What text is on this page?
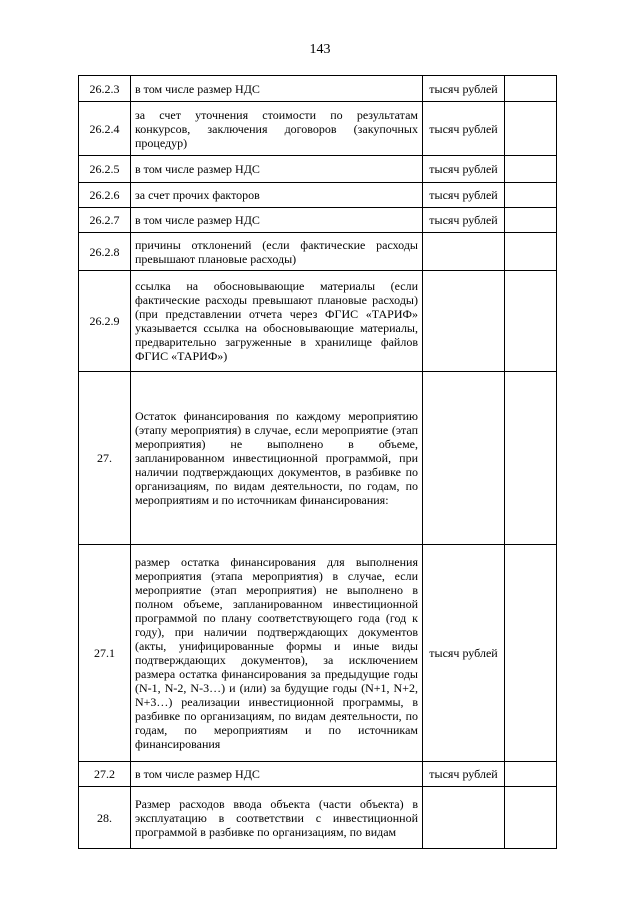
143
26.2.3	в том числе размер НДС	тысяч рублей	
26.2.4	за счет уточнения стоимости по результатам конкурсов, заключения договоров (закупочных процедур)	тысяч рублей	
26.2.5	в том числе размер НДС	тысяч рублей	
26.2.6	за счет прочих факторов	тысяч рублей	
26.2.7	в том числе размер НДС	тысяч рублей	
26.2.8	причины отклонений (если фактические расходы превышают плановые расходы)		
26.2.9	ссылка на обосновывающие материалы (если фактические расходы превышают плановые расходы) (при представлении отчета через ФГИС «ТАРИФ» указывается ссылка на обосновывающие материалы, предварительно загруженные в хранилище файлов ФГИС «ТАРИФ»)		
27.	Остаток финансирования по каждому мероприятию (этапу мероприятия) в случае, если мероприятие (этап мероприятия) не выполнено в объеме, запланированном инвестиционной программой, при наличии подтверждающих документов, в разбивке по организациям, по видам деятельности, по годам, по мероприятиям и по источникам финансирования:		
27.1	размер остатка финансирования для выполнения мероприятия (этапа мероприятия) в случае, если мероприятие (этап мероприятия) не выполнено в полном объеме, запланированном инвестиционной программой по плану соответствующего года (год к году), при наличии подтверждающих документов (акты, унифицированные формы и иные виды подтверждающих документов), за исключением размера остатка финансирования за предыдущие годы (N-1, N-2, N-3…) и (или) за будущие годы (N+1, N+2, N+3…) реализации инвестиционной программы, в разбивке по организациям, по видам деятельности, по годам, по мероприятиям и по источникам финансирования	тысяч рублей	
27.2	в том числе размер НДС	тысяч рублей	
28.	Размер расходов ввода объекта (части объекта) в эксплуатацию в соответствии с инвестиционной программой в разбивке по организациям, по видам		
